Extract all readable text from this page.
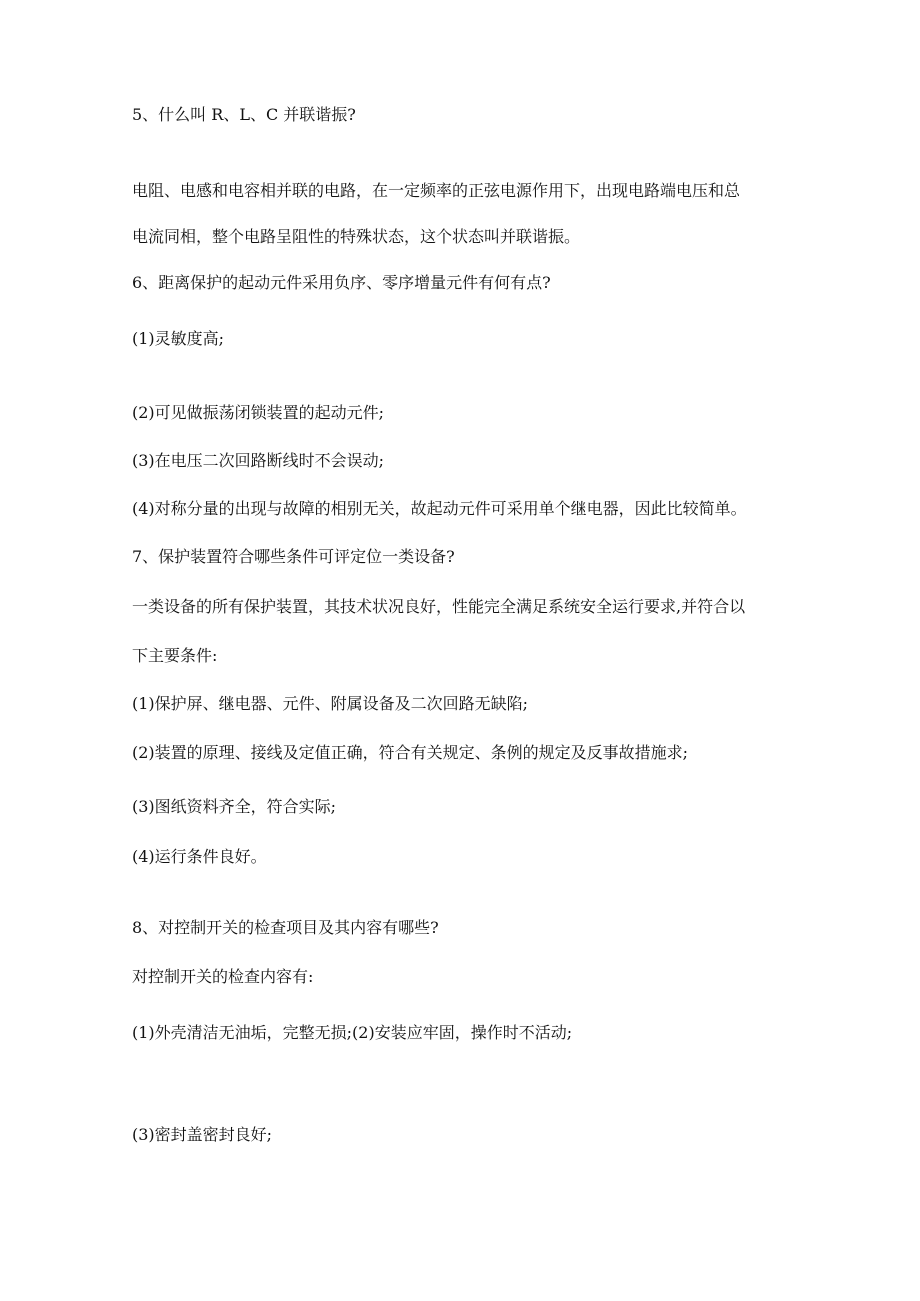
5、什么叫 R、L、C 并联谐振?
电阻、电感和电容相并联的电路，在一定频率的正弦电源作用下，出现电路端电压和总
电流同相，整个电路呈阻性的特殊状态，这个状态叫并联谐振。
6、距离保护的起动元件采用负序、零序增量元件有何有点?
(1)灵敏度高;
(2)可见做振荡闭锁装置的起动元件;
(3)在电压二次回路断线时不会误动;
(4)对称分量的出现与故障的相别无关，故起动元件可采用单个继电器，因此比较简单。
7、保护装置符合哪些条件可评定位一类设备?
一类设备的所有保护装置，其技术状况良好，性能完全满足系统安全运行要求,并符合以
下主要条件:
(1)保护屏、继电器、元件、附属设备及二次回路无缺陷;
(2)装置的原理、接线及定值正确，符合有关规定、条例的规定及反事故措施求;
(3)图纸资料齐全，符合实际;
(4)运行条件良好。
8、对控制开关的检查项目及其内容有哪些?
对控制开关的检查内容有:
(1)外壳清洁无油垢，完整无损;(2)安装应牢固，操作时不活动;
(3)密封盖密封良好;
